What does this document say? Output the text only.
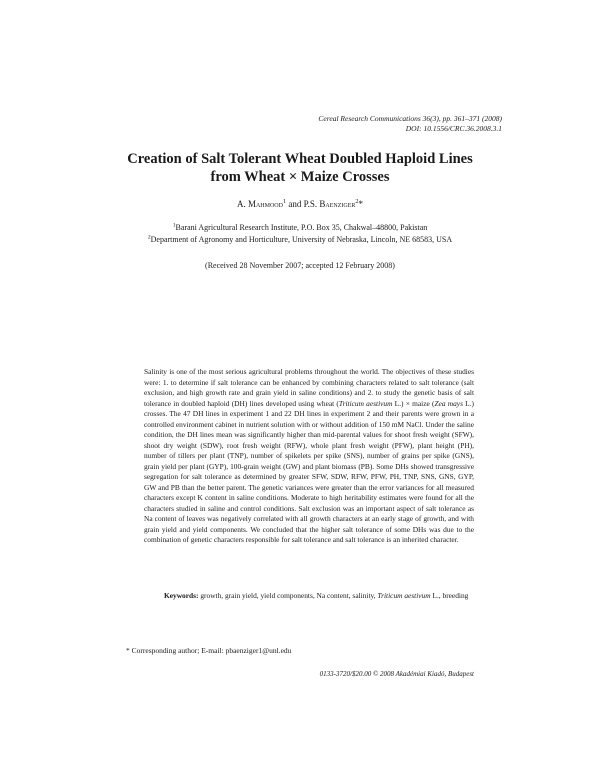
Cereal Research Communications 36(3), pp. 361–371 (2008)
DOI: 10.1556/CRC.36.2008.3.1
Creation of Salt Tolerant Wheat Doubled Haploid Lines
from Wheat × Maize Crosses
A. Mahmood$^1$ and P.S. Baenziger$^2$*
$^1$Barani Agricultural Research Institute, P.O. Box 35, Chakwal–48800, Pakistan
$^2$Department of Agronomy and Horticulture, University of Nebraska, Lincoln, NE 68583, USA
(Received 28 November 2007; accepted 12 February 2008)

Salinity is one of the most serious agricultural problems throughout the world. The objectives of these studies were: 1. to determine if salt tolerance can be enhanced by combining characters related to salt tolerance (salt exclusion, and high growth rate and grain yield in saline conditions) and 2. to study the genetic basis of salt tolerance in doubled haploid (DH) lines developed using wheat (Triticum aestivum L.) × maize (Zea mays L.) crosses. The 47 DH lines in experiment 1 and 22 DH lines in experiment 2 and their parents were grown in a controlled environment cabinet in nutrient solution with or without addition of 150 mM NaCl. Under the saline condition, the DH lines mean was significantly higher than mid-parental values for shoot fresh weight (SFW), shoot dry weight (SDW), root fresh weight (RFW), whole plant fresh weight (PFW), plant height (PH), number of tillers per plant (TNP), number of spikelets per spike (SNS), number of grains per spike (GNS), grain yield per plant (GYP), 100-grain weight (GW) and plant biomass (PB). Some DHs showed transgressive segregation for salt tolerance as determined by greater SFW, SDW, RFW, PFW, PH, TNP, SNS, GNS, GYP, GW and PB than the better parent. The genetic variances were greater than the error variances for all measured characters except K content in saline conditions. Moderate to high heritability estimates were found for all the characters studied in saline and control conditions. Salt exclusion was an important aspect of salt tolerance as Na content of leaves was negatively correlated with all growth characters at an early stage of growth, and with grain yield and yield components. We concluded that the higher salt tolerance of some DHs was due to the combination of genetic characters responsible for salt tolerance and salt tolerance is an inherited character.

Keywords: growth, grain yield, yield components, Na content, salinity, Triticum aestivum L., breeding

* Corresponding author; E-mail: pbaenziger1@unl.edu
0133-3720/$20.00 © 2008 Akadémiai Kiadó, Budapest
